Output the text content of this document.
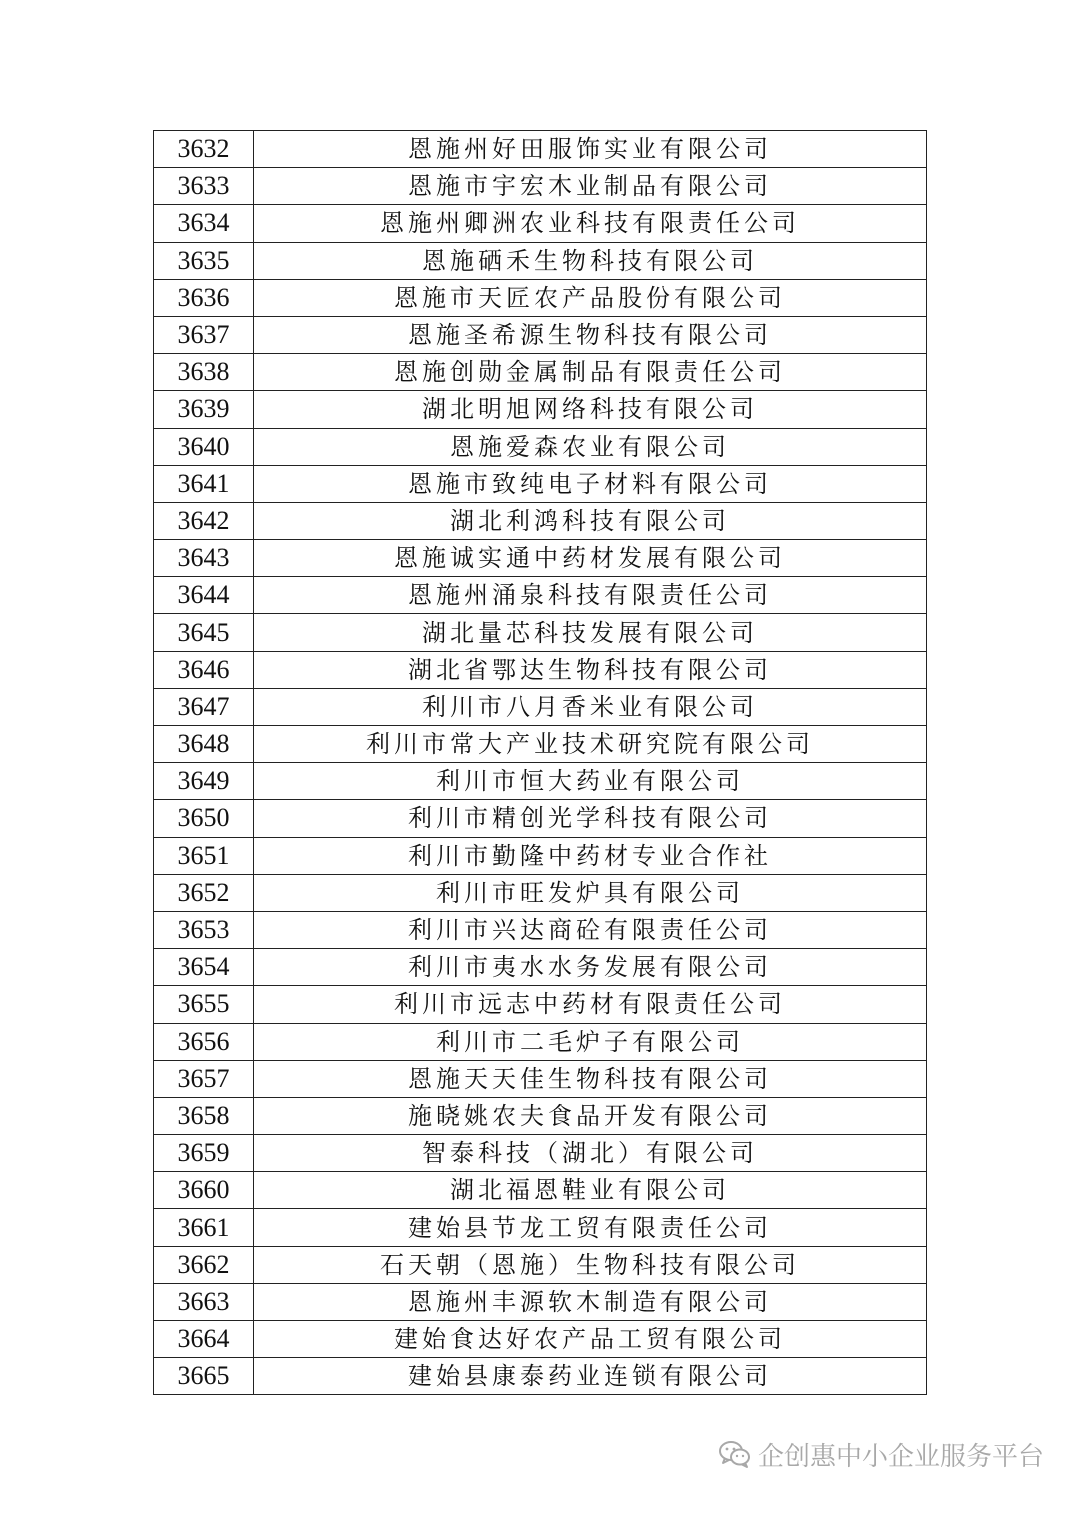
3632	恩施州好田服饰实业有限公司
3633	恩施市宇宏木业制品有限公司
3634	恩施州卿洲农业科技有限责任公司
3635	恩施硒禾生物科技有限公司
3636	恩施市天匠农产品股份有限公司
3637	恩施圣希源生物科技有限公司
3638	恩施创勋金属制品有限责任公司
3639	湖北明旭网络科技有限公司
3640	恩施爱森农业有限公司
3641	恩施市致纯电子材料有限公司
3642	湖北利鸿科技有限公司
3643	恩施诚实通中药材发展有限公司
3644	恩施州涌泉科技有限责任公司
3645	湖北量芯科技发展有限公司
3646	湖北省鄂达生物科技有限公司
3647	利川市八月香米业有限公司
3648	利川市常大产业技术研究院有限公司
3649	利川市恒大药业有限公司
3650	利川市精创光学科技有限公司
3651	利川市勤隆中药材专业合作社
3652	利川市旺发炉具有限公司
3653	利川市兴达商砼有限责任公司
3654	利川市夷水水务发展有限公司
3655	利川市远志中药材有限责任公司
3656	利川市二毛炉子有限公司
3657	恩施天天佳生物科技有限公司
3658	施晓姚农夫食品开发有限公司
3659	智泰科技（湖北）有限公司
3660	湖北福恩鞋业有限公司
3661	建始县节龙工贸有限责任公司
3662	石天朝（恩施）生物科技有限公司
3663	恩施州丰源软木制造有限公司
3664	建始食达好农产品工贸有限公司
3665	建始县康泰药业连锁有限公司
企创惠中小企业服务平台
